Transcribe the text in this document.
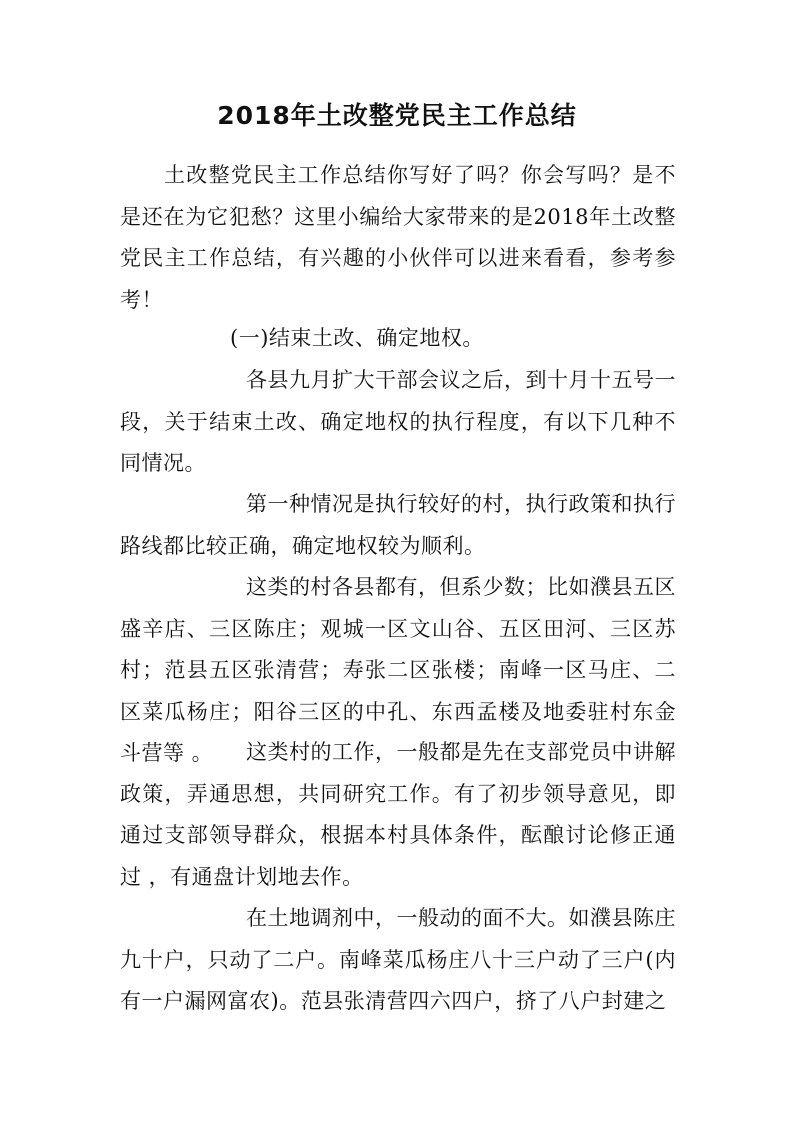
2018年土改整党民主工作总结
土改整党民主工作总结你写好了吗？你会写吗？是不是还在为它犯愁？这里小编给大家带来的是2018年土改整党民主工作总结，有兴趣的小伙伴可以进来看看，参考参考！
(一)结束土改、确定地权。
各县九月扩大干部会议之后，到十月十五号一段，关于结束土改、确定地权的执行程度，有以下几种不同情况。
第一种情况是执行较好的村，执行政策和执行路线都比较正确，确定地权较为顺利。
这类的村各县都有，但系少数；比如濮县五区盛辛店、三区陈庄；观城一区文山谷、五区田河、三区苏村；范县五区张清营；寿张二区张楼；南峰一区马庄、二区菜瓜杨庄；阳谷三区的中孔、东西孟楼及地委驻村东金斗营等 。	这类村的工作，一般都是先在支部党员中讲解政策，弄通思想，共同研究工作。有了初步领导意见，即通过支部领导群众，根据本村具体条件，酝酿讨论修正通过 ，有通盘计划地去作。
在土地调剂中，一般动的面不大。如濮县陈庄九十户，只动了二户。南峰菜瓜杨庄八十三户动了三户(内有一户漏网富农)。范县张清营四六四户，挤了八户封建之
